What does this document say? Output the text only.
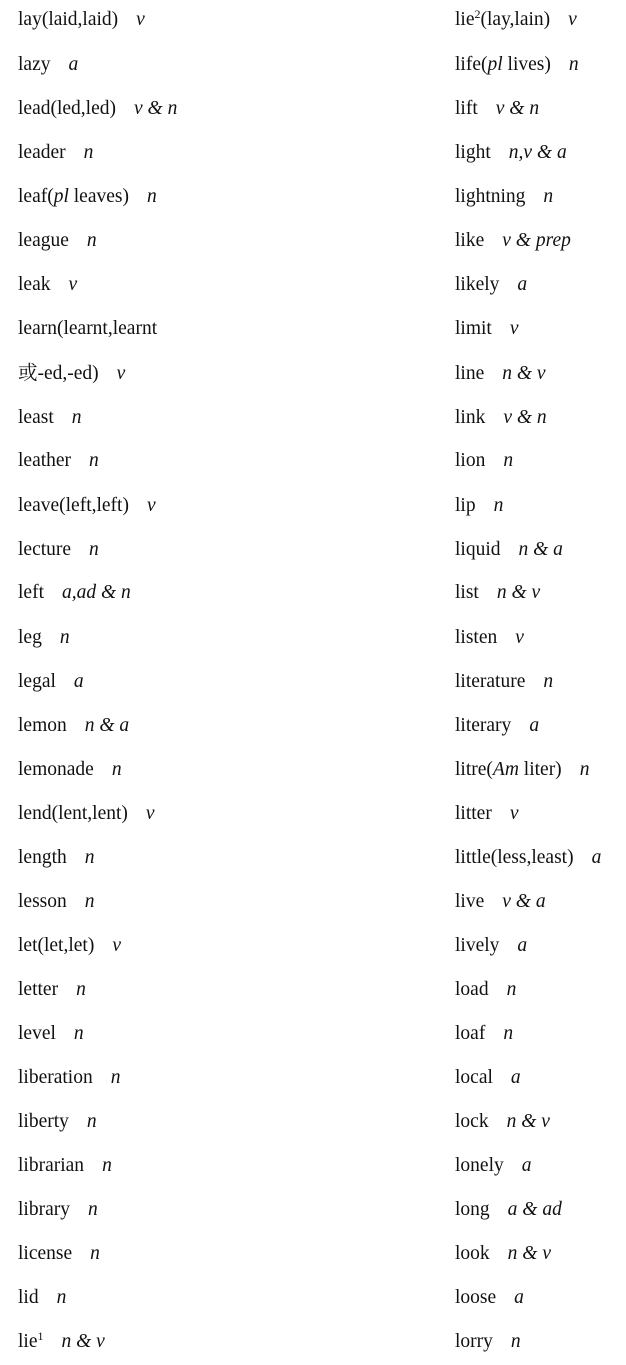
lay(laid,laid) v
lazy a
lead(led,led) v & n
leader n
leaf(pl leaves) n
league n
leak v
learn(learnt,learnt
或-ed,-ed) v
least n
leather n
leave(left,left) v
lecture n
left a,ad & n
leg n
legal a
lemon n & a
lemonade n
lend(lent,lent) v
length n
lesson n
let(let,let) v
letter n
level n
liberation n
liberty n
librarian n
library n
license n
lid n
lie$^1$ n & v
lie$^2$(lay,lain) v
life(pl lives) n
lift v & n
light n,v & a
lightning n
like v & prep
likely a
limit v
line n & v
link v & n
lion n
lip n
liquid n & a
list n & v
listen v
literature n
literary a
litre(Am liter) n
litter v
little(less,least) a
live v & a
lively a
load n
loaf n
local a
lock n & v
lonely a
long a & ad
look n & v
loose a
lorry n
